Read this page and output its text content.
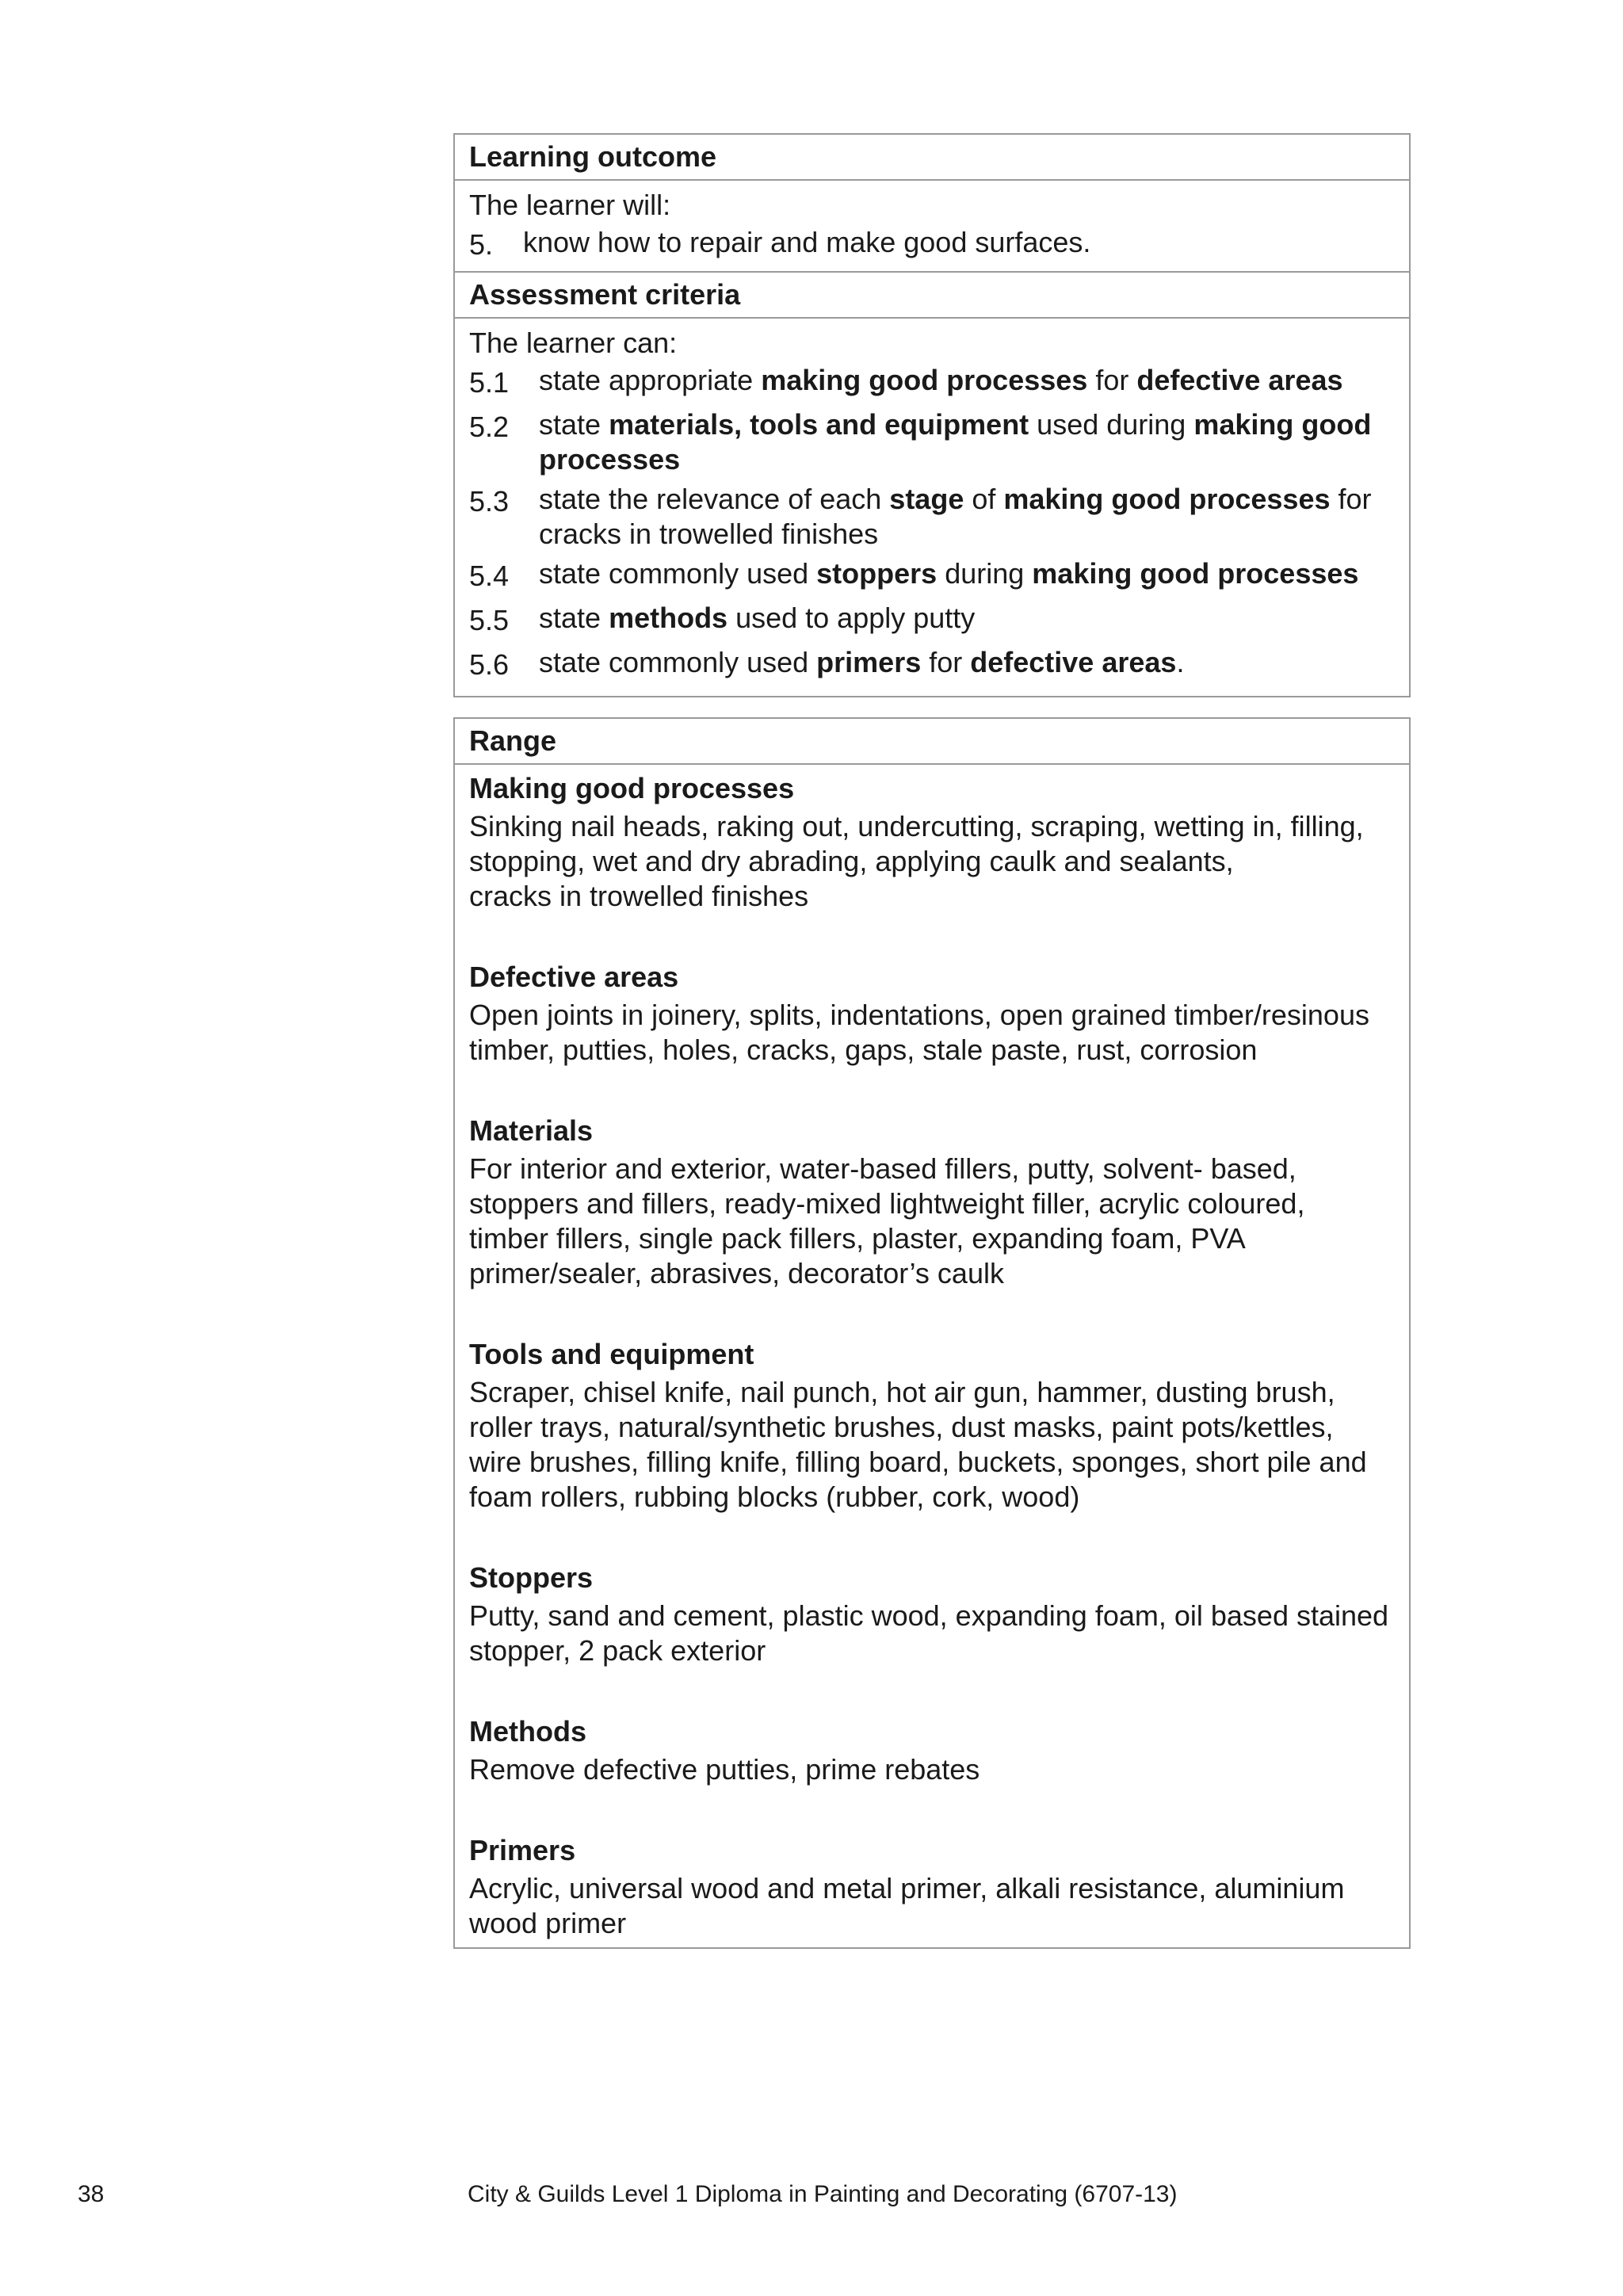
Learning outcome
The learner will:
5.	know how to repair and make good surfaces.
Assessment criteria
The learner can:
5.1	state appropriate making good processes for defective areas
5.2	state materials, tools and equipment used during making good processes
5.3	state the relevance of each stage of making good processes for cracks in trowelled finishes
5.4	state commonly used stoppers during making good processes
5.5	state methods used to apply putty
5.6	state commonly used primers for defective areas.
Range
Making good processes
Sinking nail heads, raking out, undercutting, scraping, wetting in, filling,
stopping, wet and dry abrading, applying caulk and sealants,
cracks in trowelled finishes
Defective areas
Open joints in joinery, splits, indentations, open grained timber/resinous
timber, putties, holes, cracks, gaps, stale paste, rust, corrosion
Materials
For interior and exterior, water-based fillers, putty, solvent- based,
stoppers and fillers, ready-mixed lightweight filler, acrylic coloured,
timber fillers, single pack fillers, plaster, expanding foam, PVA
primer/sealer, abrasives, decorator’s caulk
Tools and equipment
Scraper, chisel knife, nail punch, hot air gun, hammer, dusting brush,
roller trays, natural/synthetic brushes, dust masks, paint pots/kettles,
wire brushes, filling knife, filling board, buckets, sponges, short pile and
foam rollers, rubbing blocks (rubber, cork, wood)
Stoppers
Putty, sand and cement, plastic wood, expanding foam, oil based stained
stopper, 2 pack exterior
Methods
Remove defective putties, prime rebates
Primers
Acrylic, universal wood and metal primer, alkali resistance, aluminium
wood primer
38	City & Guilds Level 1 Diploma in Painting and Decorating (6707-13)
